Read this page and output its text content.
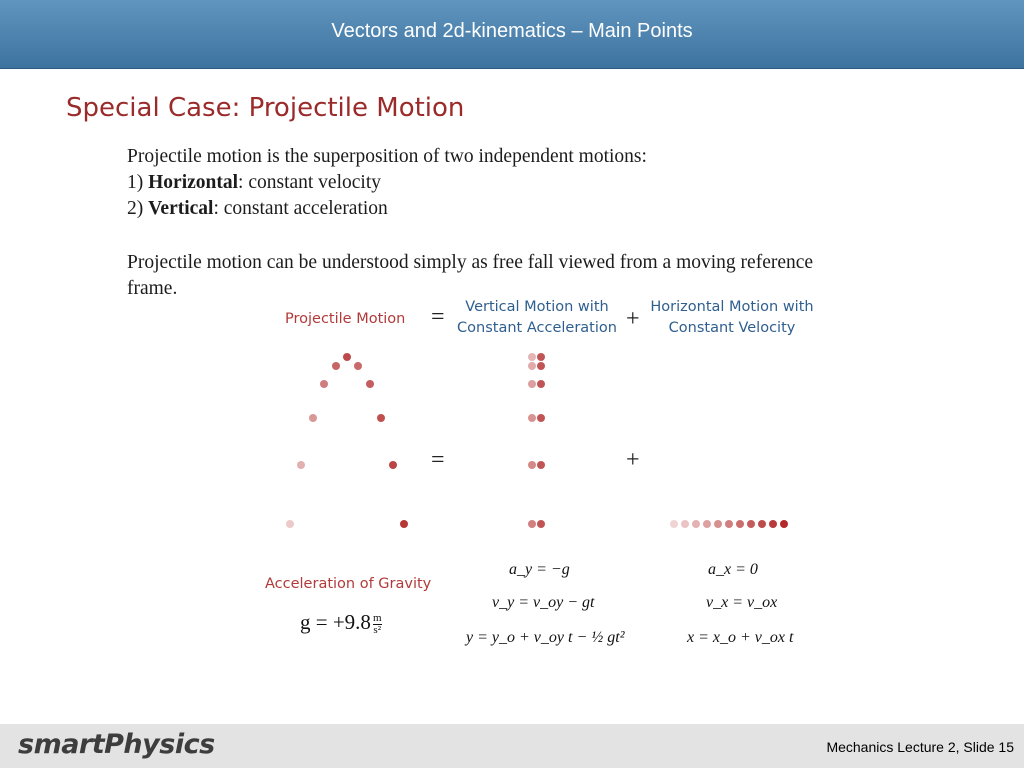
Vectors and 2d-kinematics – Main Points
Special Case: Projectile Motion
Projectile motion is the superposition of two independent motions:
1) Horizontal: constant velocity
2) Vertical: constant acceleration
Projectile motion can be understood simply as free fall viewed from a moving reference
frame.
Projectile Motion =	Vertical Motion with
Constant Acceleration + Horizontal Motion with
Constant Velocity
=	+
Acceleration of Gravity
$g = +9.8 \frac{m}{\text{s²}}$
a_y = −g
v_y = v_oy − gt
y = y_o + v_oy t − ½ gt²
a_x = 0
v_x = v_ox
x = x_o + v_ox t
smartPhysics	Mechanics Lecture 2, Slide 15
